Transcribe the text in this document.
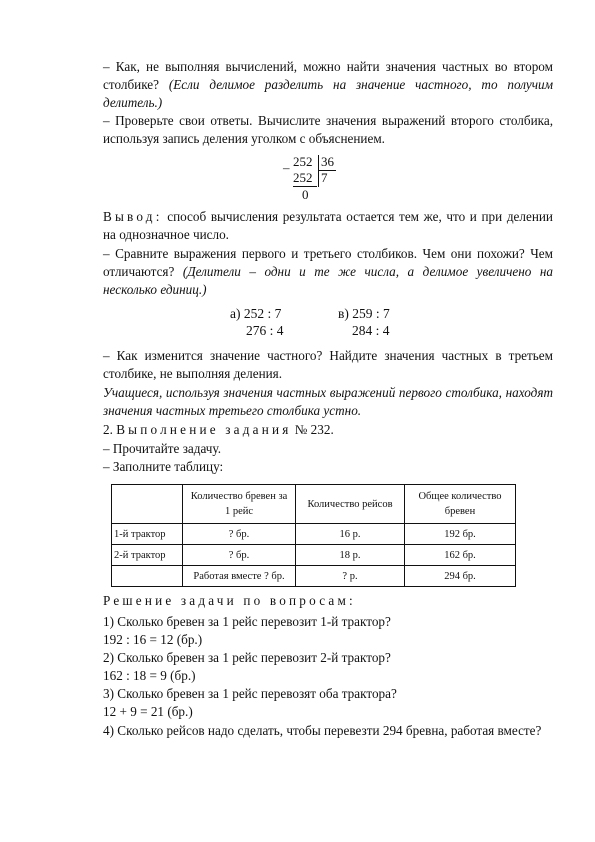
– Как, не выполняя вычислений, можно найти значения частных во втором столбике? (Если делимое разделить на значение частного, то получим делитель.)

– Проверьте свои ответы. Вычислите значения выражений второго столбика, используя запись деления уголком с объяснением.

– 252 36
252 7
0

Вывод: способ вычисления результата остается тем же, что и при делении на однозначное число.

– Сравните выражения первого и третьего столбиков. Чем они похожи? Чем отличаются? (Делители – одни и те же числа, а делимое увеличено на несколько единиц.)

а) 252 : 7
276 : 4
в) 259 : 7
284 : 4

– Как изменится значение частного? Найдите значения частных в третьем столбике, не выполняя деления.

Учащиеся, используя значения частных выражений первого столбика, находят значения частных третьего столбика устно.

2. Выполнение задания № 232.

– Прочитайте задачу.

– Заполните таблицу:

	Количество бревен за 1 рейс	Количество рейсов	Общее количество бревен
1-й трактор	? бр.	16 р.	192 бр.
2-й трактор	? бр.	18 р.	162 бр.
	Работая вместе ? бр.	? р.	294 бр.

Решение задачи по вопросам:

1) Сколько бревен за 1 рейс перевозит 1-й трактор?

192 : 16 = 12 (бр.)

2) Сколько бревен за 1 рейс перевозит 2-й трактор?

162 : 18 = 9 (бр.)

3) Сколько бревен за 1 рейс перевозят оба трактора?

12 + 9 = 21 (бр.)

4) Сколько рейсов надо сделать, чтобы перевезти 294 бревна, работая вместе?
